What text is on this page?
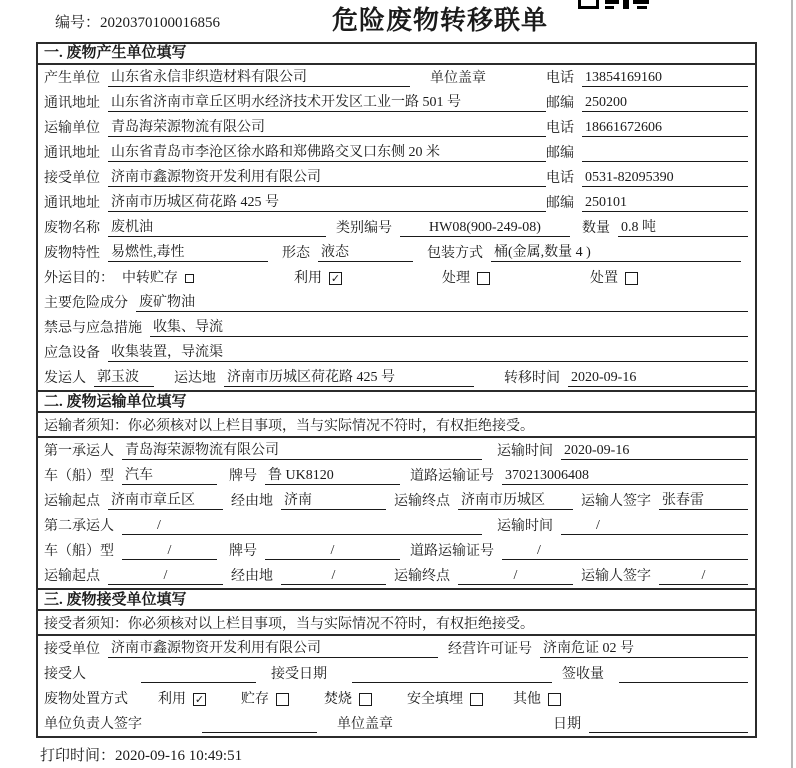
编号：2020370100016856	危险废物转移联单
一. 废物产生单位填写
产生单位 山东省永信非织造材料有限公司	单位盖章	电话 13854169160
通讯地址 山东省济南市章丘区明水经济技术开发区工业一路 501 号	邮编 250200
运输单位 青岛海荣源物流有限公司	电话 18661672606
通讯地址 山东省青岛市李沧区徐水路和郑佛路交叉口东侧 20 米	邮编
接受单位 济南市鑫源物资开发利用有限公司	电话 0531-82095390
通讯地址 济南市历城区荷花路 425 号	邮编 250101
废物名称 废机油	类别编号	HW08(900-249-08)	数量 0.8 吨
废物特性 易燃性,毒性	形态 液态	包装方式 桶(金属,数量 4 )
外运目的： 中转贮存	利用 ✓	处理	处置
主要危险成分 废矿物油
禁忌与应急措施 收集、导流
应急设备 收集装置，导流渠
发运人 郭玉波	运达地 济南市历城区荷花路 425 号	转移时间 2020-09-16
二. 废物运输单位填写
运输者须知：你必须核对以上栏目事项，当与实际情况不符时，有权拒绝接受。
第一承运人 青岛海荣源物流有限公司	运输时间 2020-09-16
车（船）型 汽车	牌号 鲁 UK8120	道路运输证号 370213006408
运输起点 济南市章丘区	经由地 济南	运输终点 济南市历城区	运输人签字 张春雷
第二承运人	/	运输时间	/
车（船）型	/	牌号	/	道路运输证号	/
运输起点	/	经由地	/	运输终点	/	运输人签字	/
三. 废物接受单位填写
接受者须知：你必须核对以上栏目事项，当与实际情况不符时，有权拒绝接受。
接受单位 济南市鑫源物资开发利用有限公司	经营许可证号 济南危证 02 号
接受人	接受日期	签收量
废物处置方式 利用 ✓	贮存	焚烧	安全填埋	其他
单位负责人签字	单位盖章	日期
打印时间：2020-09-16 10:49:51
